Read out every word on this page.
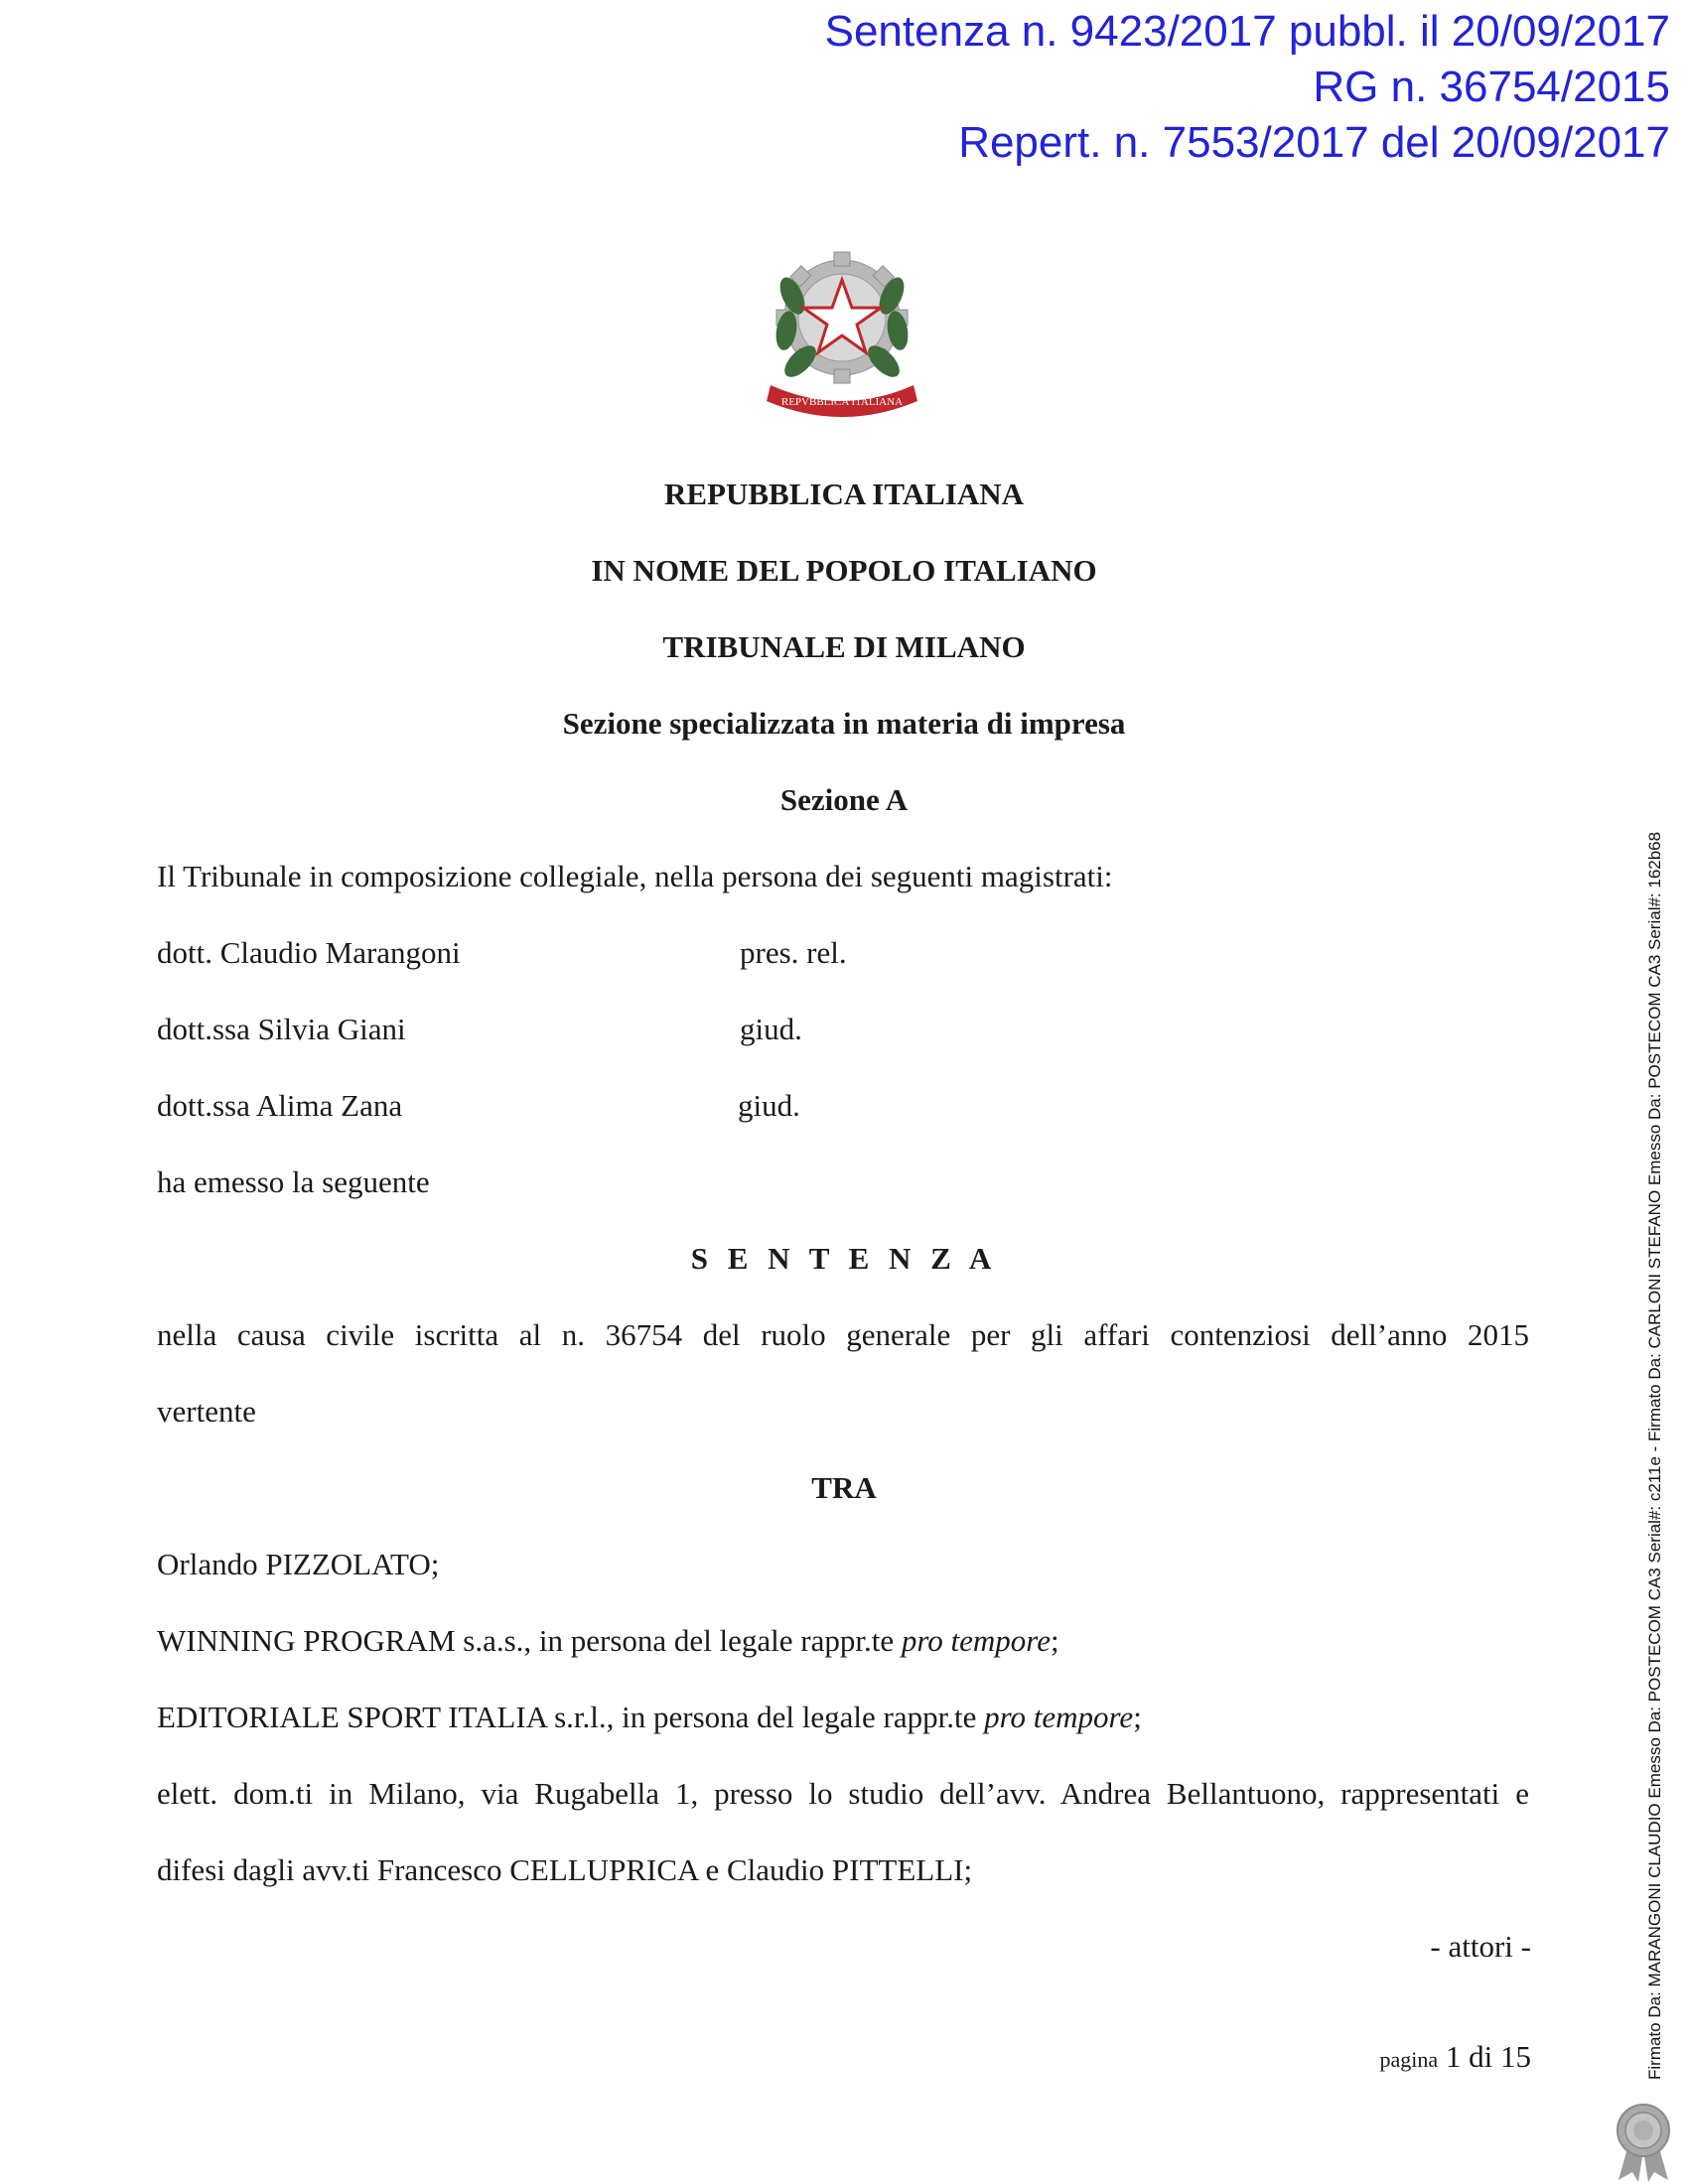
Sentenza n. 9423/2017 pubbl. il 20/09/2017
RG n. 36754/2015
Repert. n. 7553/2017 del 20/09/2017
REPVBBLICA ITALIANA
REPUBBLICA ITALIANA
IN NOME DEL POPOLO ITALIANO
TRIBUNALE DI MILANO
Sezione specializzata in materia di impresa
Sezione A
Il Tribunale in composizione collegiale, nella persona dei seguenti magistrati:
dott. Claudio Marangoni	pres. rel.
dott.ssa Silvia Giani	giud.
dott.ssa Alima Zana	giud.
ha emesso la seguente
S E N T E N Z A
nella causa civile iscritta al n. 36754 del ruolo generale per gli affari contenziosi dell’anno 2015
vertente
TRA
Orlando PIZZOLATO;
WINNING PROGRAM s.a.s., in persona del legale rappr.te pro tempore;
EDITORIALE SPORT ITALIA s.r.l., in persona del legale rappr.te pro tempore;
elett. dom.ti in Milano, via Rugabella 1, presso lo studio dell’avv. Andrea Bellantuono, rappresentati e
difesi dagli avv.ti Francesco CELLUPRICA e Claudio PITTELLI;
- attori -
pagina 1 di 15	Firmato Da: MARANGONI CLAUDIO Emesso Da: POSTECOM CA3 Serial#: c211e - Firmato Da: CARLONI STEFANO Emesso Da: POSTECOM CA3 Serial#: 162b68
